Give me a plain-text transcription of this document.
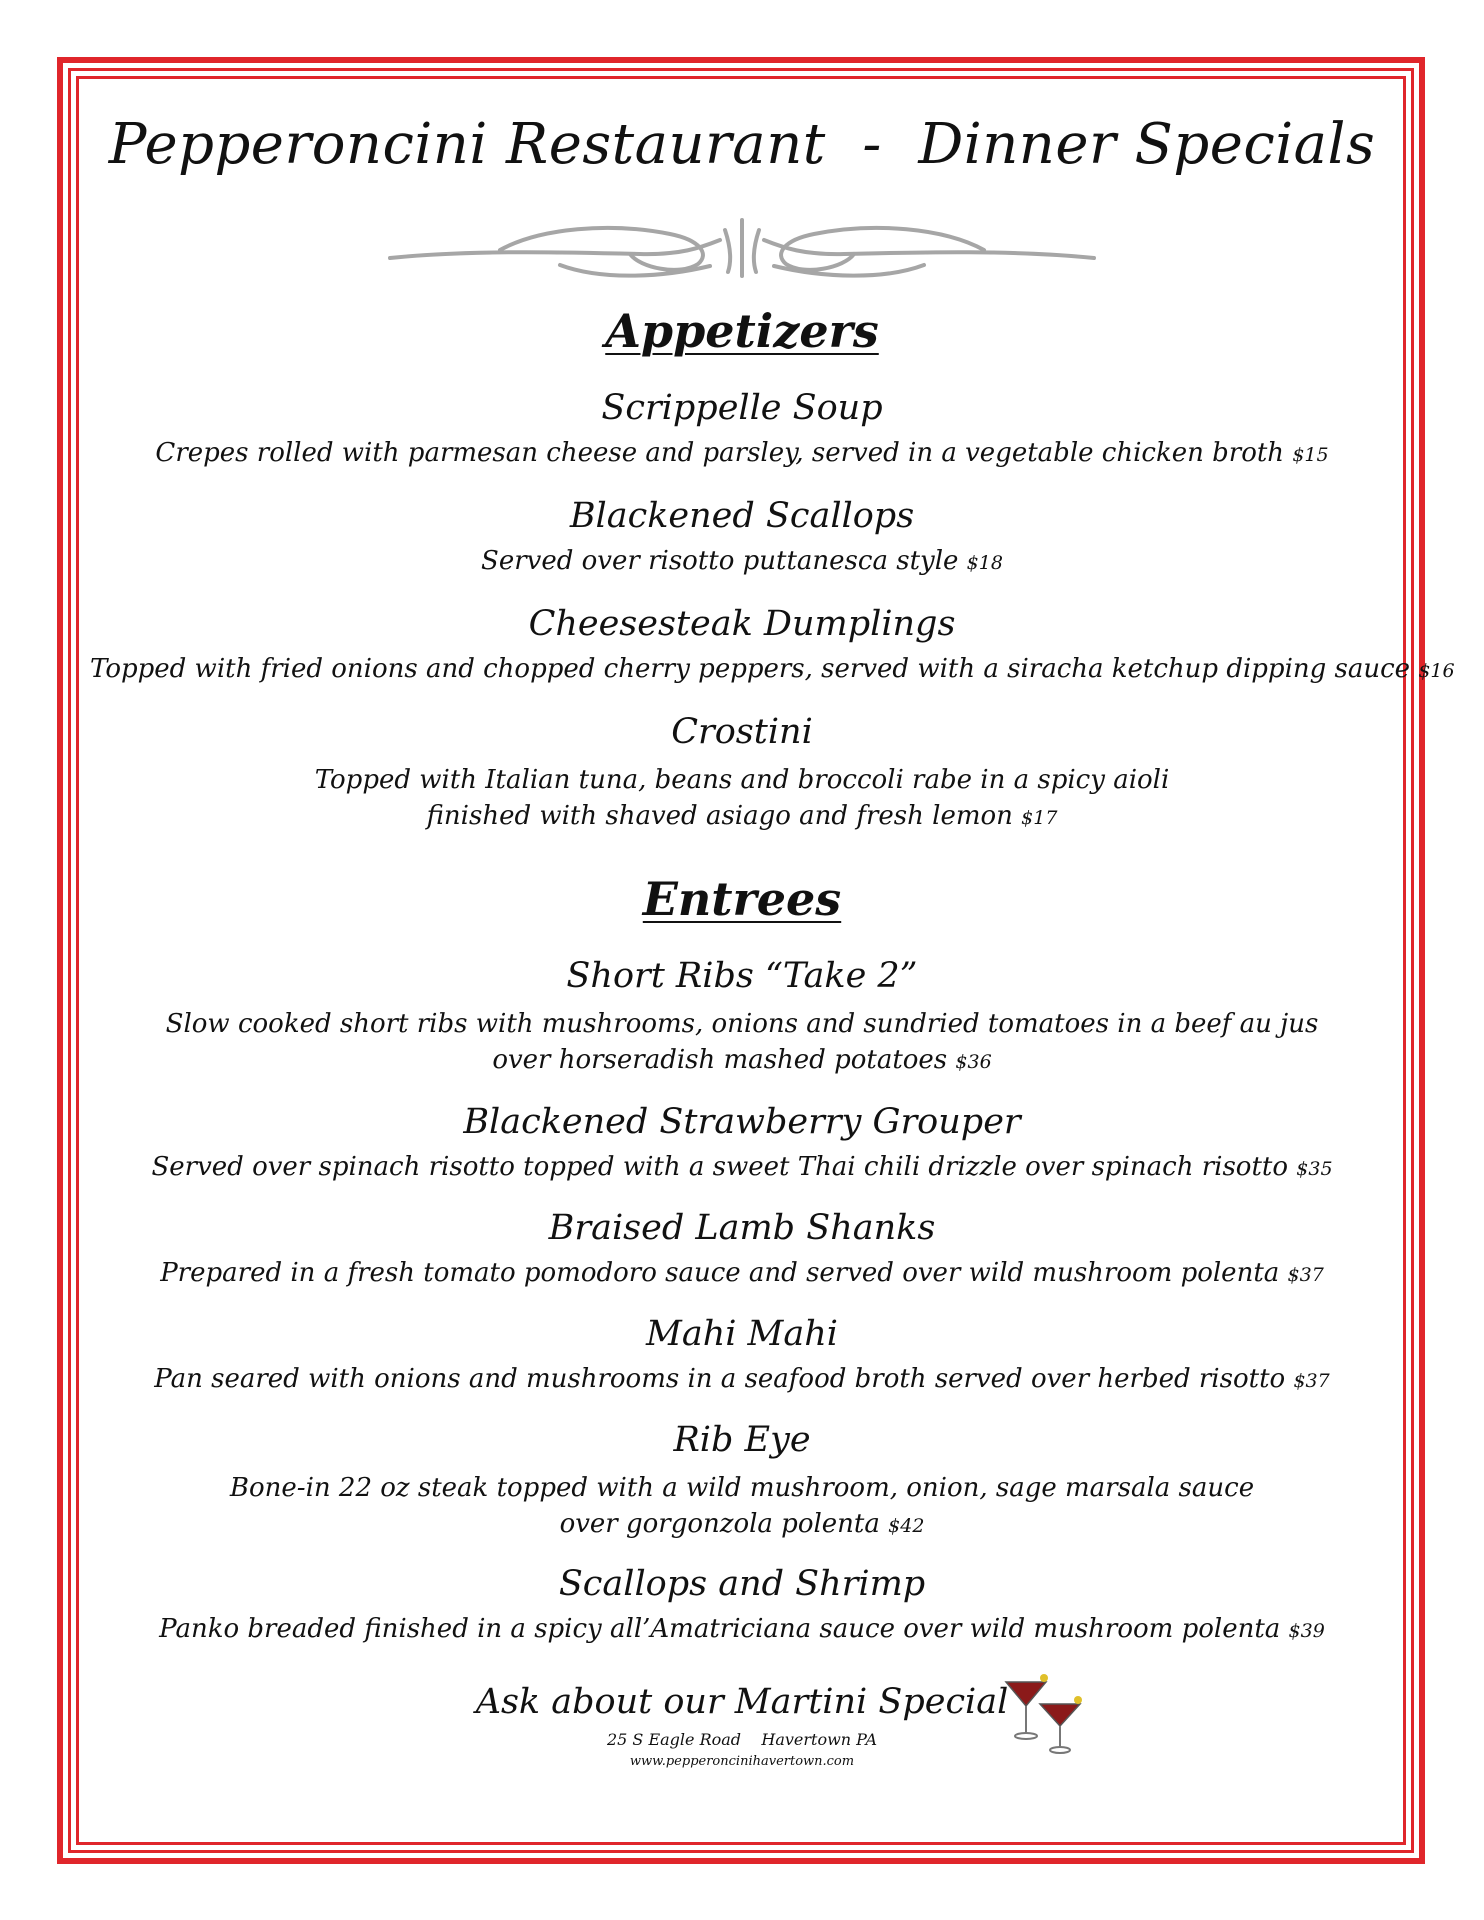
Pepperoncini Restaurant  -  Dinner Specials
Appetizers
Scrippelle Soup
Crepes rolled with parmesan cheese and parsley, served in a vegetable chicken broth $15
Blackened Scallops
Served over risotto puttanesca style $18
Cheesesteak Dumplings
Topped with fried onions and chopped cherry peppers, served with a siracha ketchup dipping sauce $16
Crostini
Topped with Italian tuna, beans and broccoli rabe in a spicy aioli
finished with shaved asiago and fresh lemon $17
Entrees
Short Ribs “Take 2”
Slow cooked short ribs with mushrooms, onions and sundried tomatoes in a beef au jus
over horseradish mashed potatoes $36
Blackened Strawberry Grouper
Served over spinach risotto topped with a sweet Thai chili drizzle over spinach risotto $35
Braised Lamb Shanks
Prepared in a fresh tomato pomodoro sauce and served over wild mushroom polenta $37
Mahi Mahi
Pan seared with onions and mushrooms in a seafood broth served over herbed risotto $37
Rib Eye
Bone-in 22 oz steak topped with a wild mushroom, onion, sage marsala sauce
over gorgonzola polenta $42
Scallops and Shrimp
Panko breaded finished in a spicy all’Amatriciana sauce over wild mushroom polenta $39
Ask about our Martini Special
25 S Eagle Road    Havertown PA
www.pepperoncinihavertown.com
